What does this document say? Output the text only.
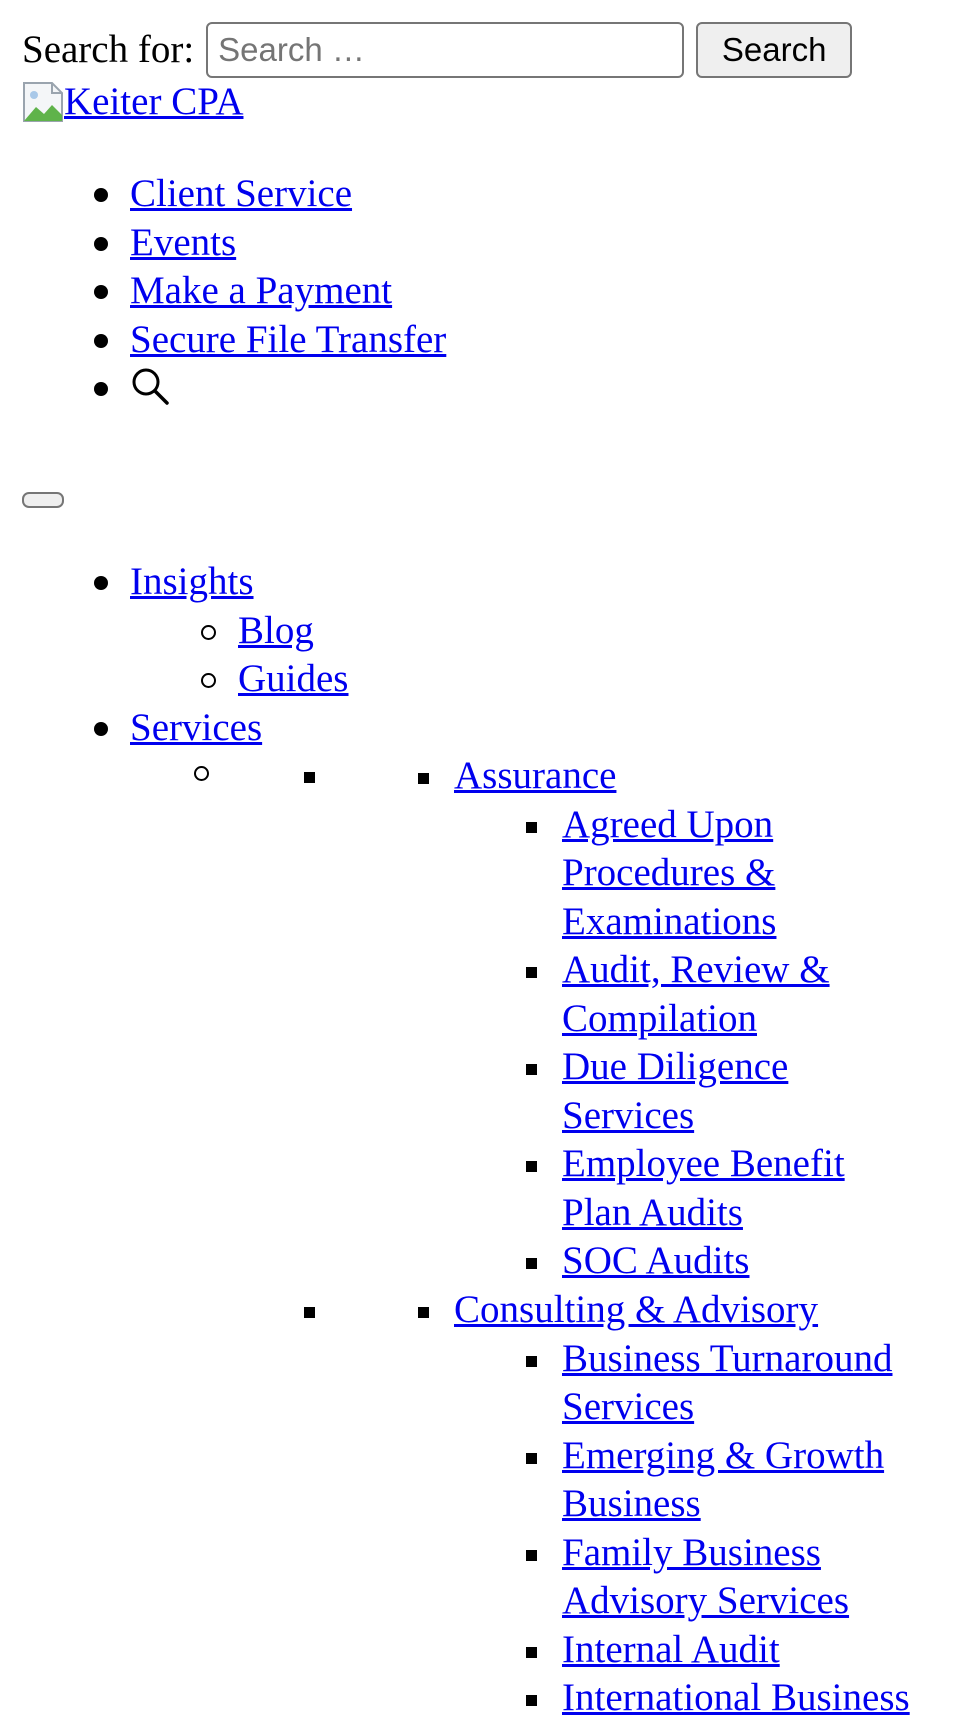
Search for:
Search …	Search
Keiter CPA
Client Service
Events
Make a Payment
Secure File Transfer
Insights
Blog
Guides
Services
Assurance
Agreed Upon Procedures & Examinations
Audit, Review & Compilation
Due Diligence Services
Employee Benefit Plan Audits
SOC Audits
Consulting & Advisory
Business Turnaround Services
Emerging & Growth Business
Family Business Advisory Services
Internal Audit
International Business
